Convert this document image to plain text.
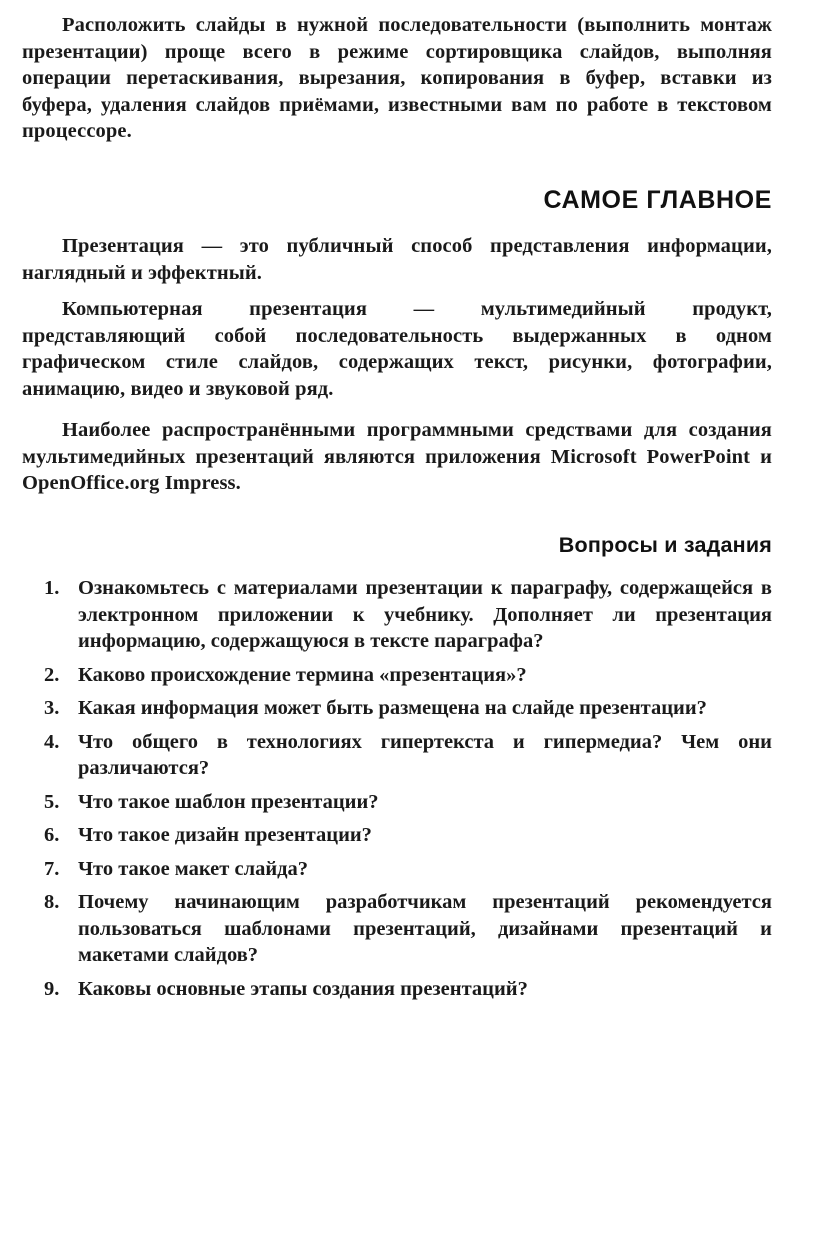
Расположить слайды в нужной последовательности (выполнить монтаж презентации) проще всего в режиме сортировщика слайдов, выполняя операции перетаскивания, вырезания, копирования в буфер, вставки из буфера, удаления слайдов приёмами, известными вам по работе в текстовом процессоре.

САМОЕ ГЛАВНОЕ

Презентация — это публичный способ представления информации, наглядный и эффектный.

Компьютерная презентация — мультимедийный продукт, представляющий собой последовательность выдержанных в одном графическом стиле слайдов, содержащих текст, рисунки, фотографии, анимацию, видео и звуковой ряд.

Наиболее распространёнными программными средствами для создания мультимедийных презентаций являются приложения Microsoft PowerPoint и OpenOffice.org Impress.

Вопросы и задания
1. Ознакомьтесь с материалами презентации к параграфу, содержащейся в электронном приложении к учебнику. Дополняет ли презентация информацию, содержащуюся в тексте параграфа?
2. Каково происхождение термина «презентация»?
3. Какая информация может быть размещена на слайде презентации?
4. Что общего в технологиях гипертекста и гипермедиа? Чем они различаются?
5. Что такое шаблон презентации?
6. Что такое дизайн презентации?
7. Что такое макет слайда?
8. Почему начинающим разработчикам презентаций рекомендуется пользоваться шаблонами презентаций, дизайнами презентаций и макетами слайдов?
9. Каковы основные этапы создания презентаций?
